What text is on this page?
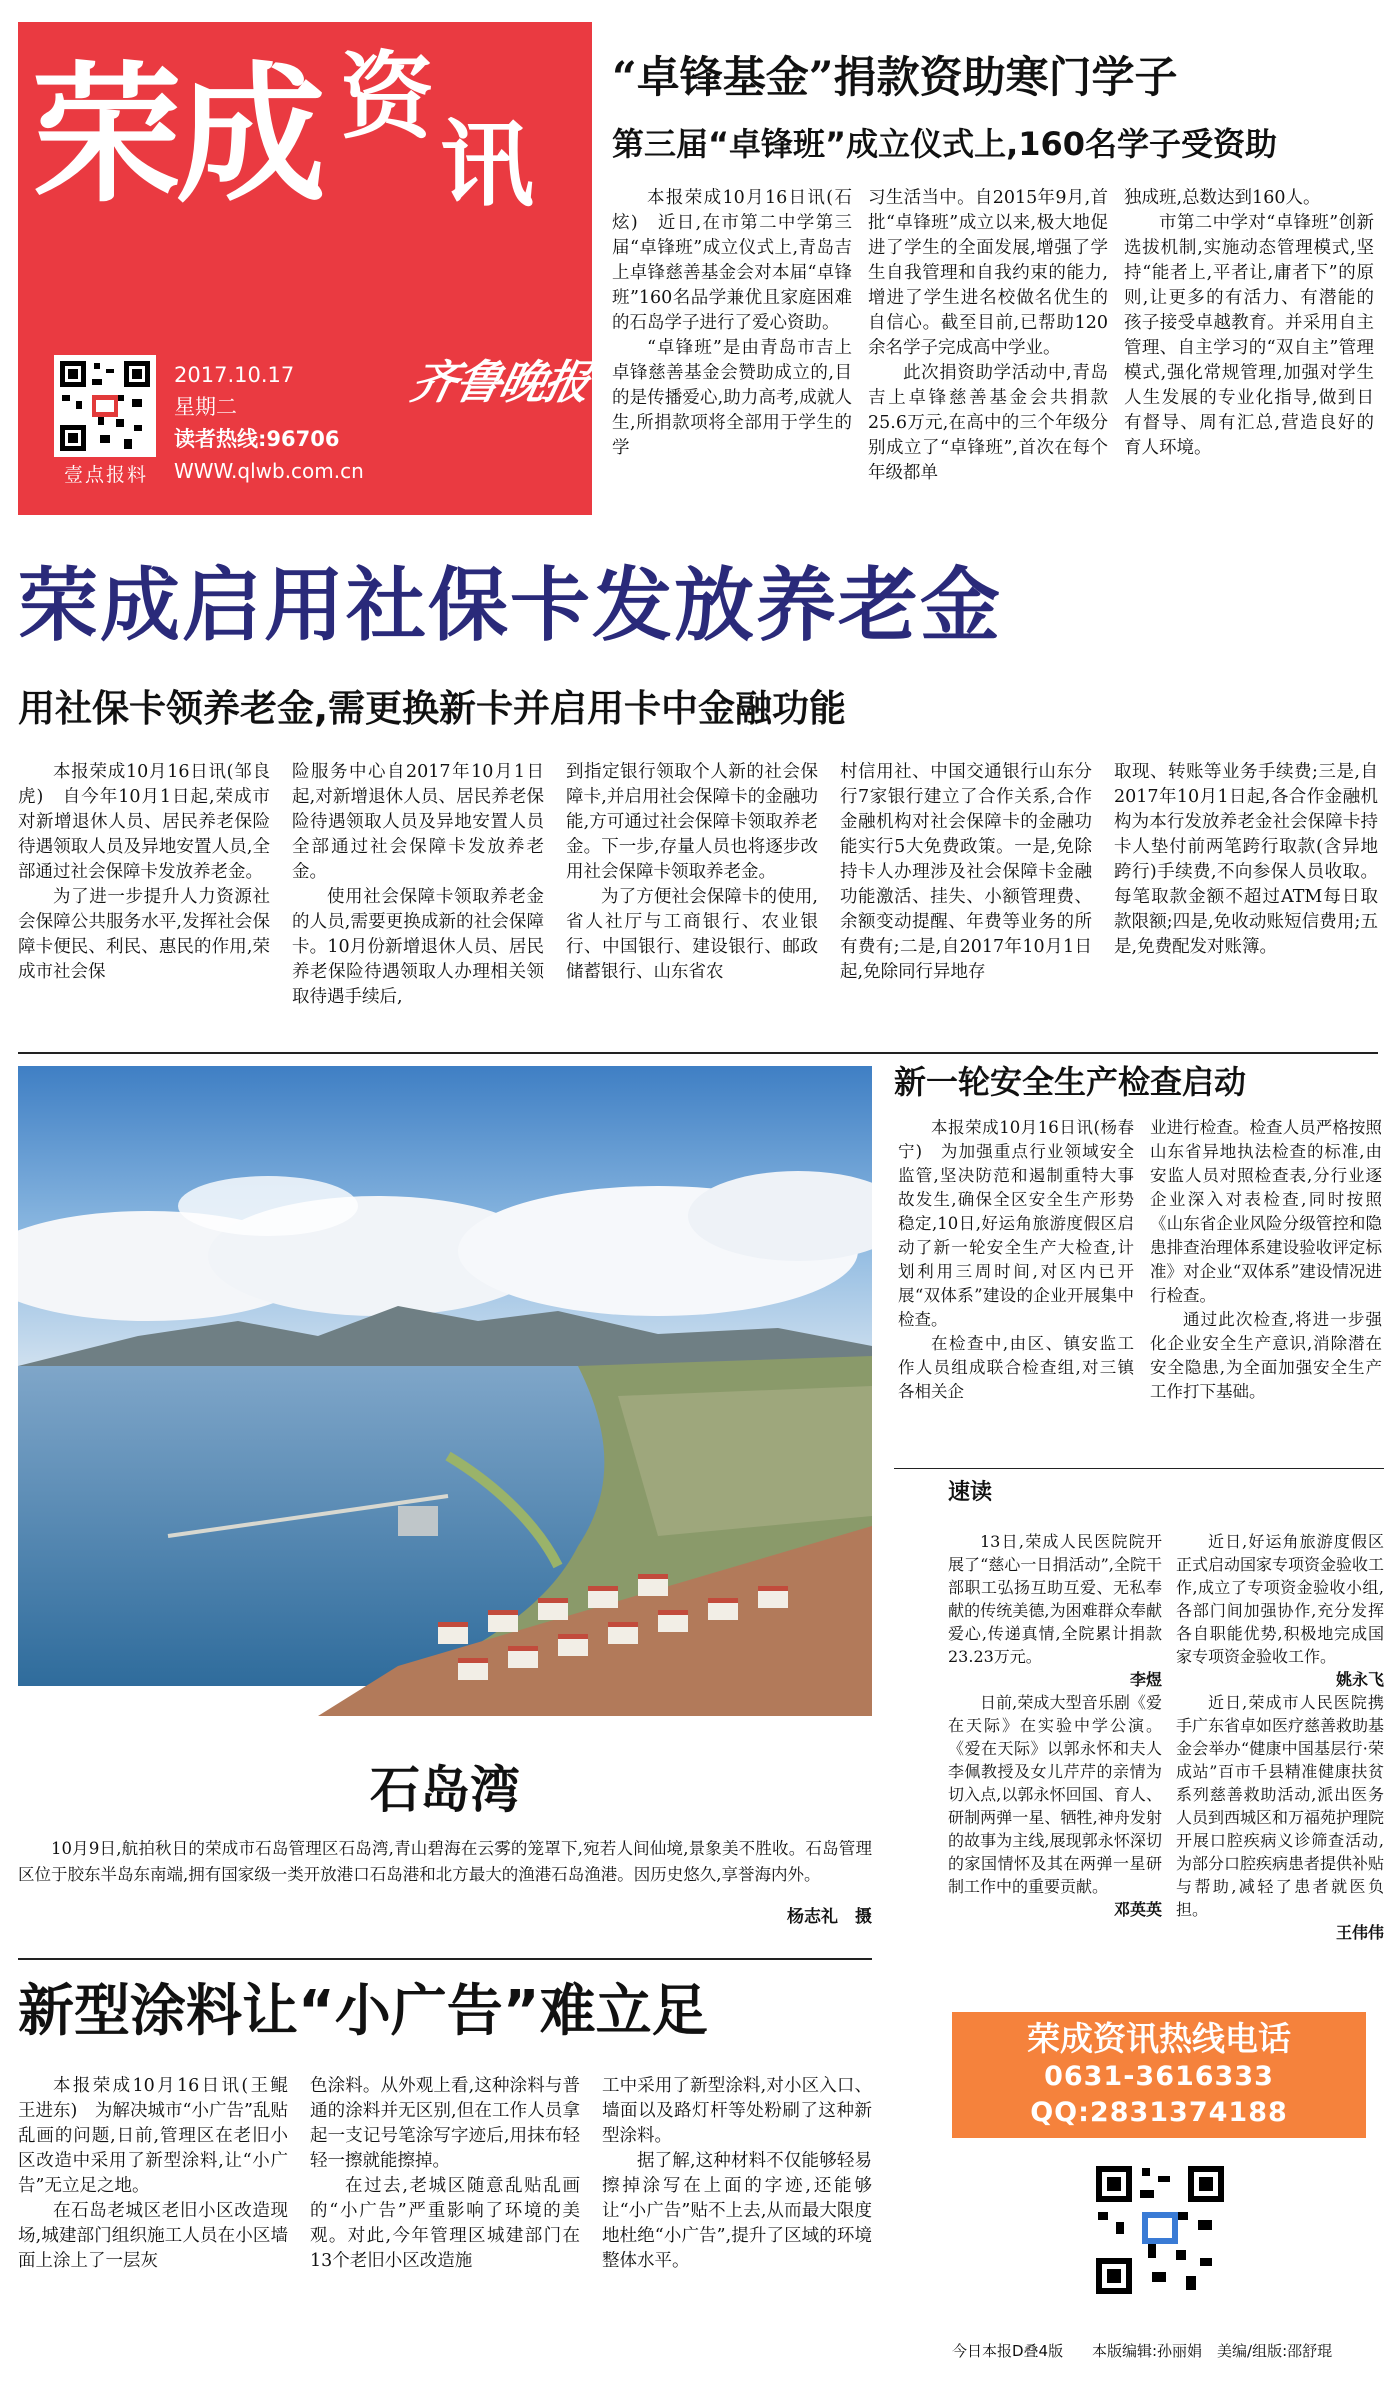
荣成 资
讯
壹点报料
2017.10.17
星期二
读者热线:96706
WWW.qlwb.com.cn
齐鲁晚报
“卓锋基金”捐款资助寒门学子
第三届“卓锋班”成立仪式上,160名学子受资助

本报荣成10月16日讯(石炫)　近日,在市第二中学第三届“卓锋班”成立仪式上,青岛吉上卓锋慈善基金会对本届“卓锋班”160名品学兼优且家庭困难的石岛学子进行了爱心资助。

“卓锋班”是由青岛市吉上卓锋慈善基金会赞助成立的,目的是传播爱心,助力高考,成就人生,所捐款项将全部用于学生的学

习生活当中。自2015年9月,首批“卓锋班”成立以来,极大地促进了学生的全面发展,增强了学生自我管理和自我约束的能力,增进了学生进名校做名优生的自信心。截至目前,已帮助120余名学子完成高中学业。

此次捐资助学活动中,青岛吉上卓锋慈善基金会共捐款25.6万元,在高中的三个年级分别成立了“卓锋班”,首次在每个年级都单

独成班,总数达到160人。

市第二中学对“卓锋班”创新选拔机制,实施动态管理模式,坚持“能者上,平者让,庸者下”的原则,让更多的有活力、有潜能的孩子接受卓越教育。并采用自主管理、自主学习的“双自主”管理模式,强化常规管理,加强对学生人生发展的专业化指导,做到日有督导、周有汇总,营造良好的育人环境。

荣成启用社保卡发放养老金
用社保卡领养老金,需更换新卡并启用卡中金融功能

本报荣成10月16日讯(邹良虎)　自今年10月1日起,荣成市对新增退休人员、居民养老保险待遇领取人员及异地安置人员,全部通过社会保障卡发放养老金。

为了进一步提升人力资源社会保障公共服务水平,发挥社会保障卡便民、利民、惠民的作用,荣成市社会保

险服务中心自2017年10月1日起,对新增退休人员、居民养老保险待遇领取人员及异地安置人员全部通过社会保障卡发放养老金。

使用社会保障卡领取养老金的人员,需要更换成新的社会保障卡。10月份新增退休人员、居民养老保险待遇领取人办理相关领取待遇手续后,

到指定银行领取个人新的社会保障卡,并启用社会保障卡的金融功能,方可通过社会保障卡领取养老金。下一步,存量人员也将逐步改用社会保障卡领取养老金。

为了方便社会保障卡的使用,省人社厅与工商银行、农业银行、中国银行、建设银行、邮政储蓄银行、山东省农

村信用社、中国交通银行山东分行7家银行建立了合作关系,合作金融机构对社会保障卡的金融功能实行5大免费政策。一是,免除持卡人办理涉及社会保障卡金融功能激活、挂失、小额管理费、余额变动提醒、年费等业务的所有费有;二是,自2017年10月1日起,免除同行异地存

取现、转账等业务手续费;三是,自2017年10月1日起,各合作金融机构为本行发放养老金社会保障卡持卡人垫付前两笔跨行取款(含异地跨行)手续费,不向参保人员收取。每笔取款金额不超过ATM每日取款限额;四是,免收动账短信费用;五是,免费配发对账簿。

石岛湾
10月9日,航拍秋日的荣成市石岛管理区石岛湾,青山碧海在云雾的笼罩下,宛若人间仙境,景象美不胜收。石岛管理区位于胶东半岛东南端,拥有国家级一类开放港口石岛港和北方最大的渔港石岛渔港。因历史悠久,享誉海内外。
杨志礼　摄
新一轮安全生产检查启动

本报荣成10月16日讯(杨春宁)　为加强重点行业领域安全监管,坚决防范和遏制重特大事故发生,确保全区安全生产形势稳定,10日,好运角旅游度假区启动了新一轮安全生产大检查,计划利用三周时间,对区内已开展“双体系”建设的企业开展集中检查。

在检查中,由区、镇安监工作人员组成联合检查组,对三镇各相关企

业进行检查。检查人员严格按照山东省异地执法检查的标准,由安监人员对照检查表,分行业逐企业深入对表检查,同时按照《山东省企业风险分级管控和隐患排查治理体系建设验收评定标准》对企业“双体系”建设情况进行检查。

通过此次检查,将进一步强化企业安全生产意识,消除潜在安全隐患,为全面加强安全生产工作打下基础。

速读

13日,荣成人民医院院开展了“慈心一日捐活动”,全院干部职工弘扬互助互爱、无私奉献的传统美德,为困难群众奉献爱心,传递真情,全院累计捐款23.23万元。

李煜

日前,荣成大型音乐剧《爱在天际》在实验中学公演。《爱在天际》以郭永怀和夫人李佩教授及女儿芹芹的亲情为切入点,以郭永怀回国、育人、研制两弹一星、牺牲,神舟发射的故事为主线,展现郭永怀深切的家国情怀及其在两弹一星研制工作中的重要贡献。

邓英英

近日,好运角旅游度假区正式启动国家专项资金验收工作,成立了专项资金验收小组,各部门间加强协作,充分发挥各自职能优势,积极地完成国家专项资金验收工作。

姚永飞

近日,荣成市人民医院携手广东省卓如医疗慈善救助基金会举办“健康中国基层行·荣成站”百市千县精准健康扶贫系列慈善救助活动,派出医务人员到西城区和万福苑护理院开展口腔疾病义诊筛查活动,为部分口腔疾病患者提供补贴与帮助,减轻了患者就医负担。

王伟伟

新型涂料让“小广告”难立足

本报荣成10月16日讯(王鲲　王进东)　为解决城市“小广告”乱贴乱画的问题,日前,管理区在老旧小区改造中采用了新型涂料,让“小广告”无立足之地。

在石岛老城区老旧小区改造现场,城建部门组织施工人员在小区墙面上涂上了一层灰

色涂料。从外观上看,这种涂料与普通的涂料并无区别,但在工作人员拿起一支记号笔涂写字迹后,用抹布轻轻一擦就能擦掉。

在过去,老城区随意乱贴乱画的“小广告”严重影响了环境的美观。对此,今年管理区城建部门在13个老旧小区改造施

工中采用了新型涂料,对小区入口、墙面以及路灯杆等处粉刷了这种新型涂料。

据了解,这种材料不仅能够轻易擦掉涂写在上面的字迹,还能够让“小广告”贴不上去,从而最大限度地杜绝“小广告”,提升了区域的环境整体水平。

荣成资讯热线电话
0631-3616333
QQ:2831374188
今日本报D叠4版 本版编辑:孙丽娟　美编/组版:邵舒琨
